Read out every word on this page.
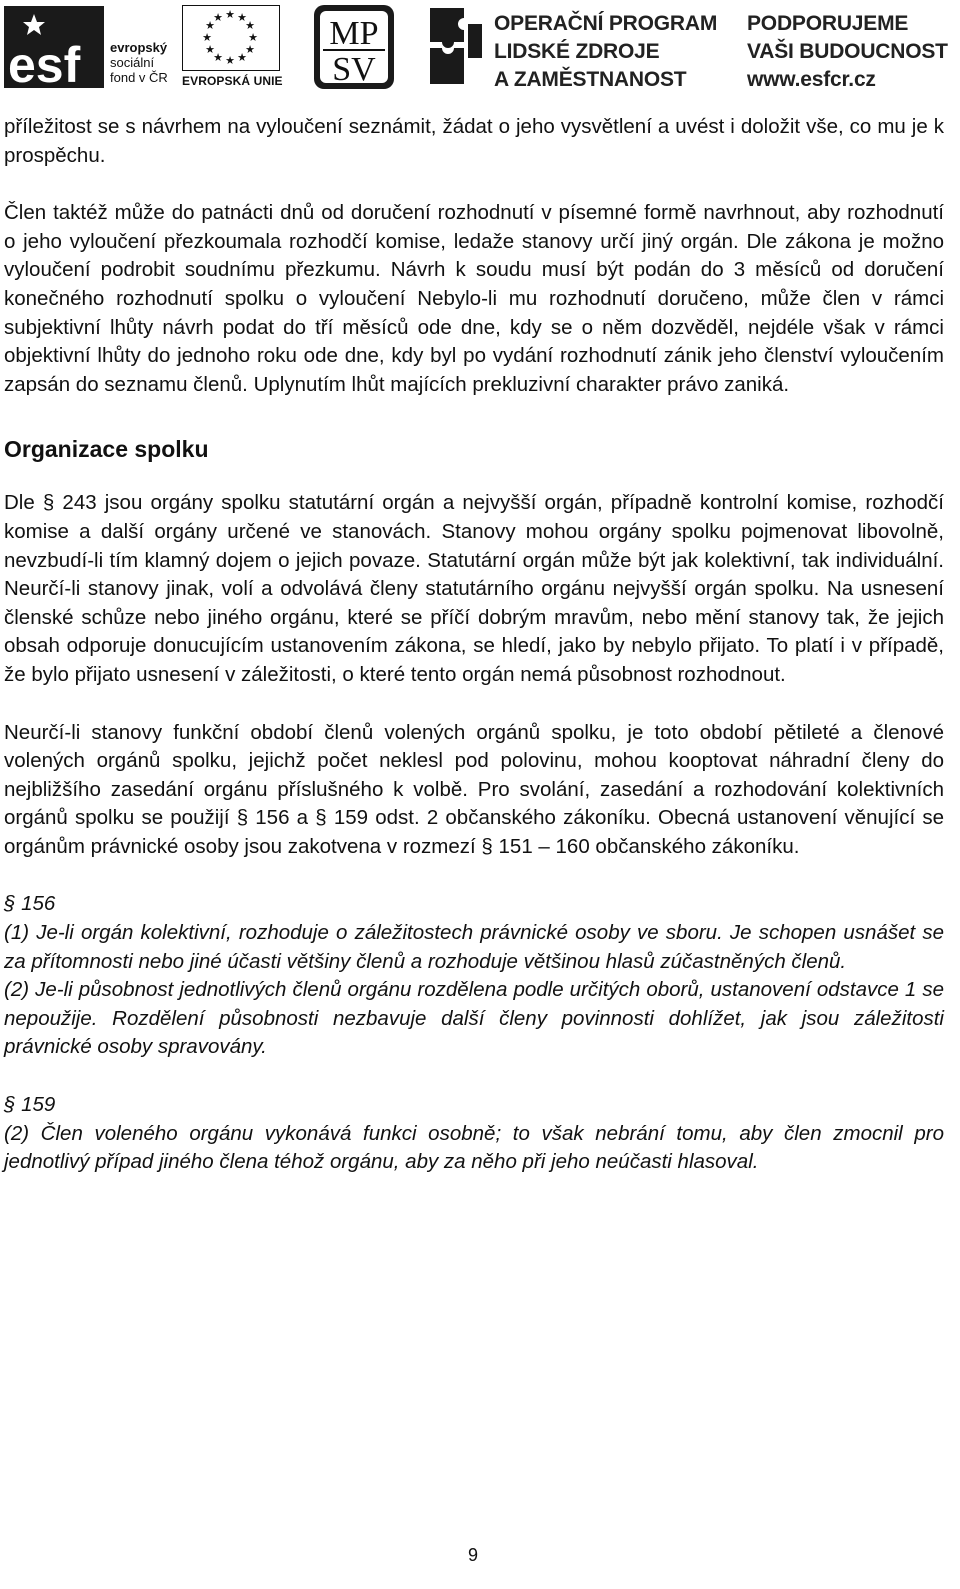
esf evropský
sociální
fond v ČR
★ ★
★
★
★
★
★
★
★
★
★
★
EVROPSKÁ UNIE
MP
SV
OPERAČNÍ PROGRAM
LIDSKÉ ZDROJE
A ZAMĚSTNANOST
PODPORUJEME
VAŠI BUDOUCNOST
www.esfcr.cz

příležitost se s návrhem na vyloučení seznámit, žádat o jeho vysvětlení a uvést i doložit vše, co mu je k prospěchu.

Člen taktéž může do patnácti dnů od doručení rozhodnutí v písemné formě navrhnout, aby rozhodnutí o jeho vyloučení přezkoumala rozhodčí komise, ledaže stanovy určí jiný orgán. Dle zákona je možno vyloučení podrobit soudnímu přezkumu. Návrh k soudu musí být podán do 3 měsíců od doručení konečného rozhodnutí spolku o vyloučení Nebylo-li mu rozhodnutí doručeno, může člen v rámci subjektivní lhůty návrh podat do tří měsíců ode dne, kdy se o něm dozvěděl, nejdéle však v rámci objektivní lhůty do jednoho roku ode dne, kdy byl po vydání rozhodnutí zánik jeho členství vyloučením zapsán do seznamu členů. Uplynutím lhůt majících prekluzivní charakter právo zaniká.

Organizace spolku

Dle § 243 jsou orgány spolku statutární orgán a nejvyšší orgán, případně kontrolní komise, rozhodčí komise a další orgány určené ve stanovách. Stanovy mohou orgány spolku pojmenovat libovolně, nevzbudí-li tím klamný dojem o jejich povaze. Statutární orgán může být jak kolektivní, tak individuální. Neurčí-li stanovy jinak, volí a odvolává členy statutárního orgánu nejvyšší orgán spolku. Na usnesení členské schůze nebo jiného orgánu, které se příčí dobrým mravům, nebo mění stanovy tak, že jejich obsah odporuje donucujícím ustanovením zákona, se hledí, jako by nebylo přijato. To platí i v případě, že bylo přijato usnesení v záležitosti, o které tento orgán nemá působnost rozhodnout.

Neurčí-li stanovy funkční období členů volených orgánů spolku, je toto období pětileté a členové volených orgánů spolku, jejichž počet neklesl pod polovinu, mohou kooptovat náhradní členy do nejbližšího zasedání orgánu příslušného k volbě. Pro svolání, zasedání a rozhodování kolektivních orgánů spolku se použijí § 156 a § 159 odst. 2 občanského zákoníku. Obecná ustanovení věnující se orgánům právnické osoby jsou zakotvena v rozmezí § 151 – 160 občanského zákoníku.

§ 156

(1) Je-li orgán kolektivní, rozhoduje o záležitostech právnické osoby ve sboru. Je schopen usnášet se za přítomnosti nebo jiné účasti většiny členů a rozhoduje většinou hlasů zúčastněných členů.

(2) Je-li působnost jednotlivých členů orgánu rozdělena podle určitých oborů, ustanovení odstavce 1 se nepoužije. Rozdělení působnosti nezbavuje další členy povinnosti dohlížet, jak jsou záležitosti právnické osoby spravovány.

§ 159

(2) Člen voleného orgánu vykonává funkci osobně; to však nebrání tomu, aby člen zmocnil pro jednotlivý případ jiného člena téhož orgánu, aby za něho při jeho neúčasti hlasoval.

9
